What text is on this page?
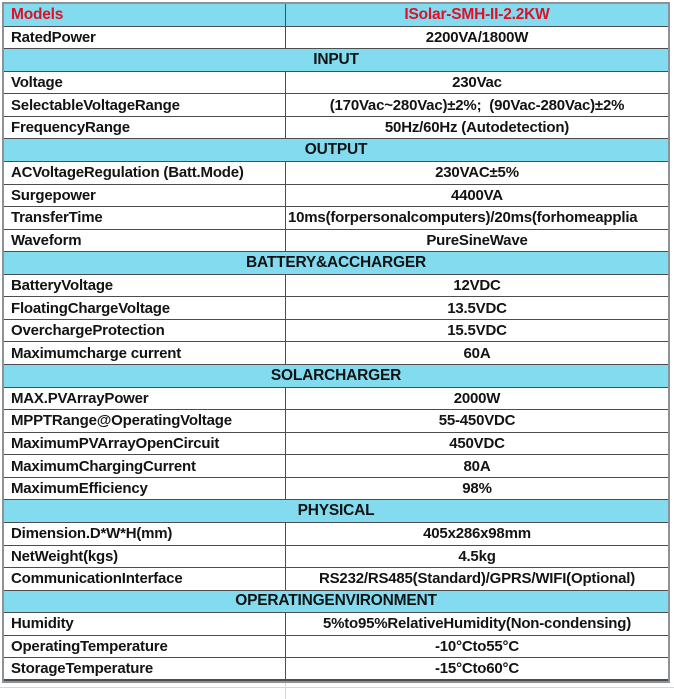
Models	ISolar-SMH-II-2.2KW
RatedPower	2200VA/1800W
INPUT
Voltage	230Vac
SelectableVoltageRange	(170Vac~280Vac)±2%;  (90Vac-280Vac)±2%
FrequencyRange	50Hz/60Hz (Autodetection)
OUTPUT
ACVoltageRegulation (Batt.Mode)	230VAC±5%
Surgepower	4400VA
TransferTime	10ms(forpersonalcomputers)/20ms(forhomeapplia
Waveform	PureSineWave
BATTERY&ACCHARGER
BatteryVoltage	12VDC
FloatingChargeVoltage	13.5VDC
OverchargeProtection	15.5VDC
Maximumcharge current	60A
SOLARCHARGER
MAX.PVArrayPower	2000W
MPPTRange@OperatingVoltage	55-450VDC
MaximumPVArrayOpenCircuit	450VDC
MaximumChargingCurrent	80A
MaximumEfficiency	98%
PHYSICAL
Dimension.D*W*H(mm)	405x286x98mm
NetWeight(kgs)	4.5kg
CommunicationInterface	RS232/RS485(Standard)/GPRS/WIFI(Optional)
OPERATINGENVIRONMENT
Humidity	5%to95%RelativeHumidity(Non-condensing)
OperatingTemperature	-10°Cto55°C
StorageTemperature	-15°Cto60°C
